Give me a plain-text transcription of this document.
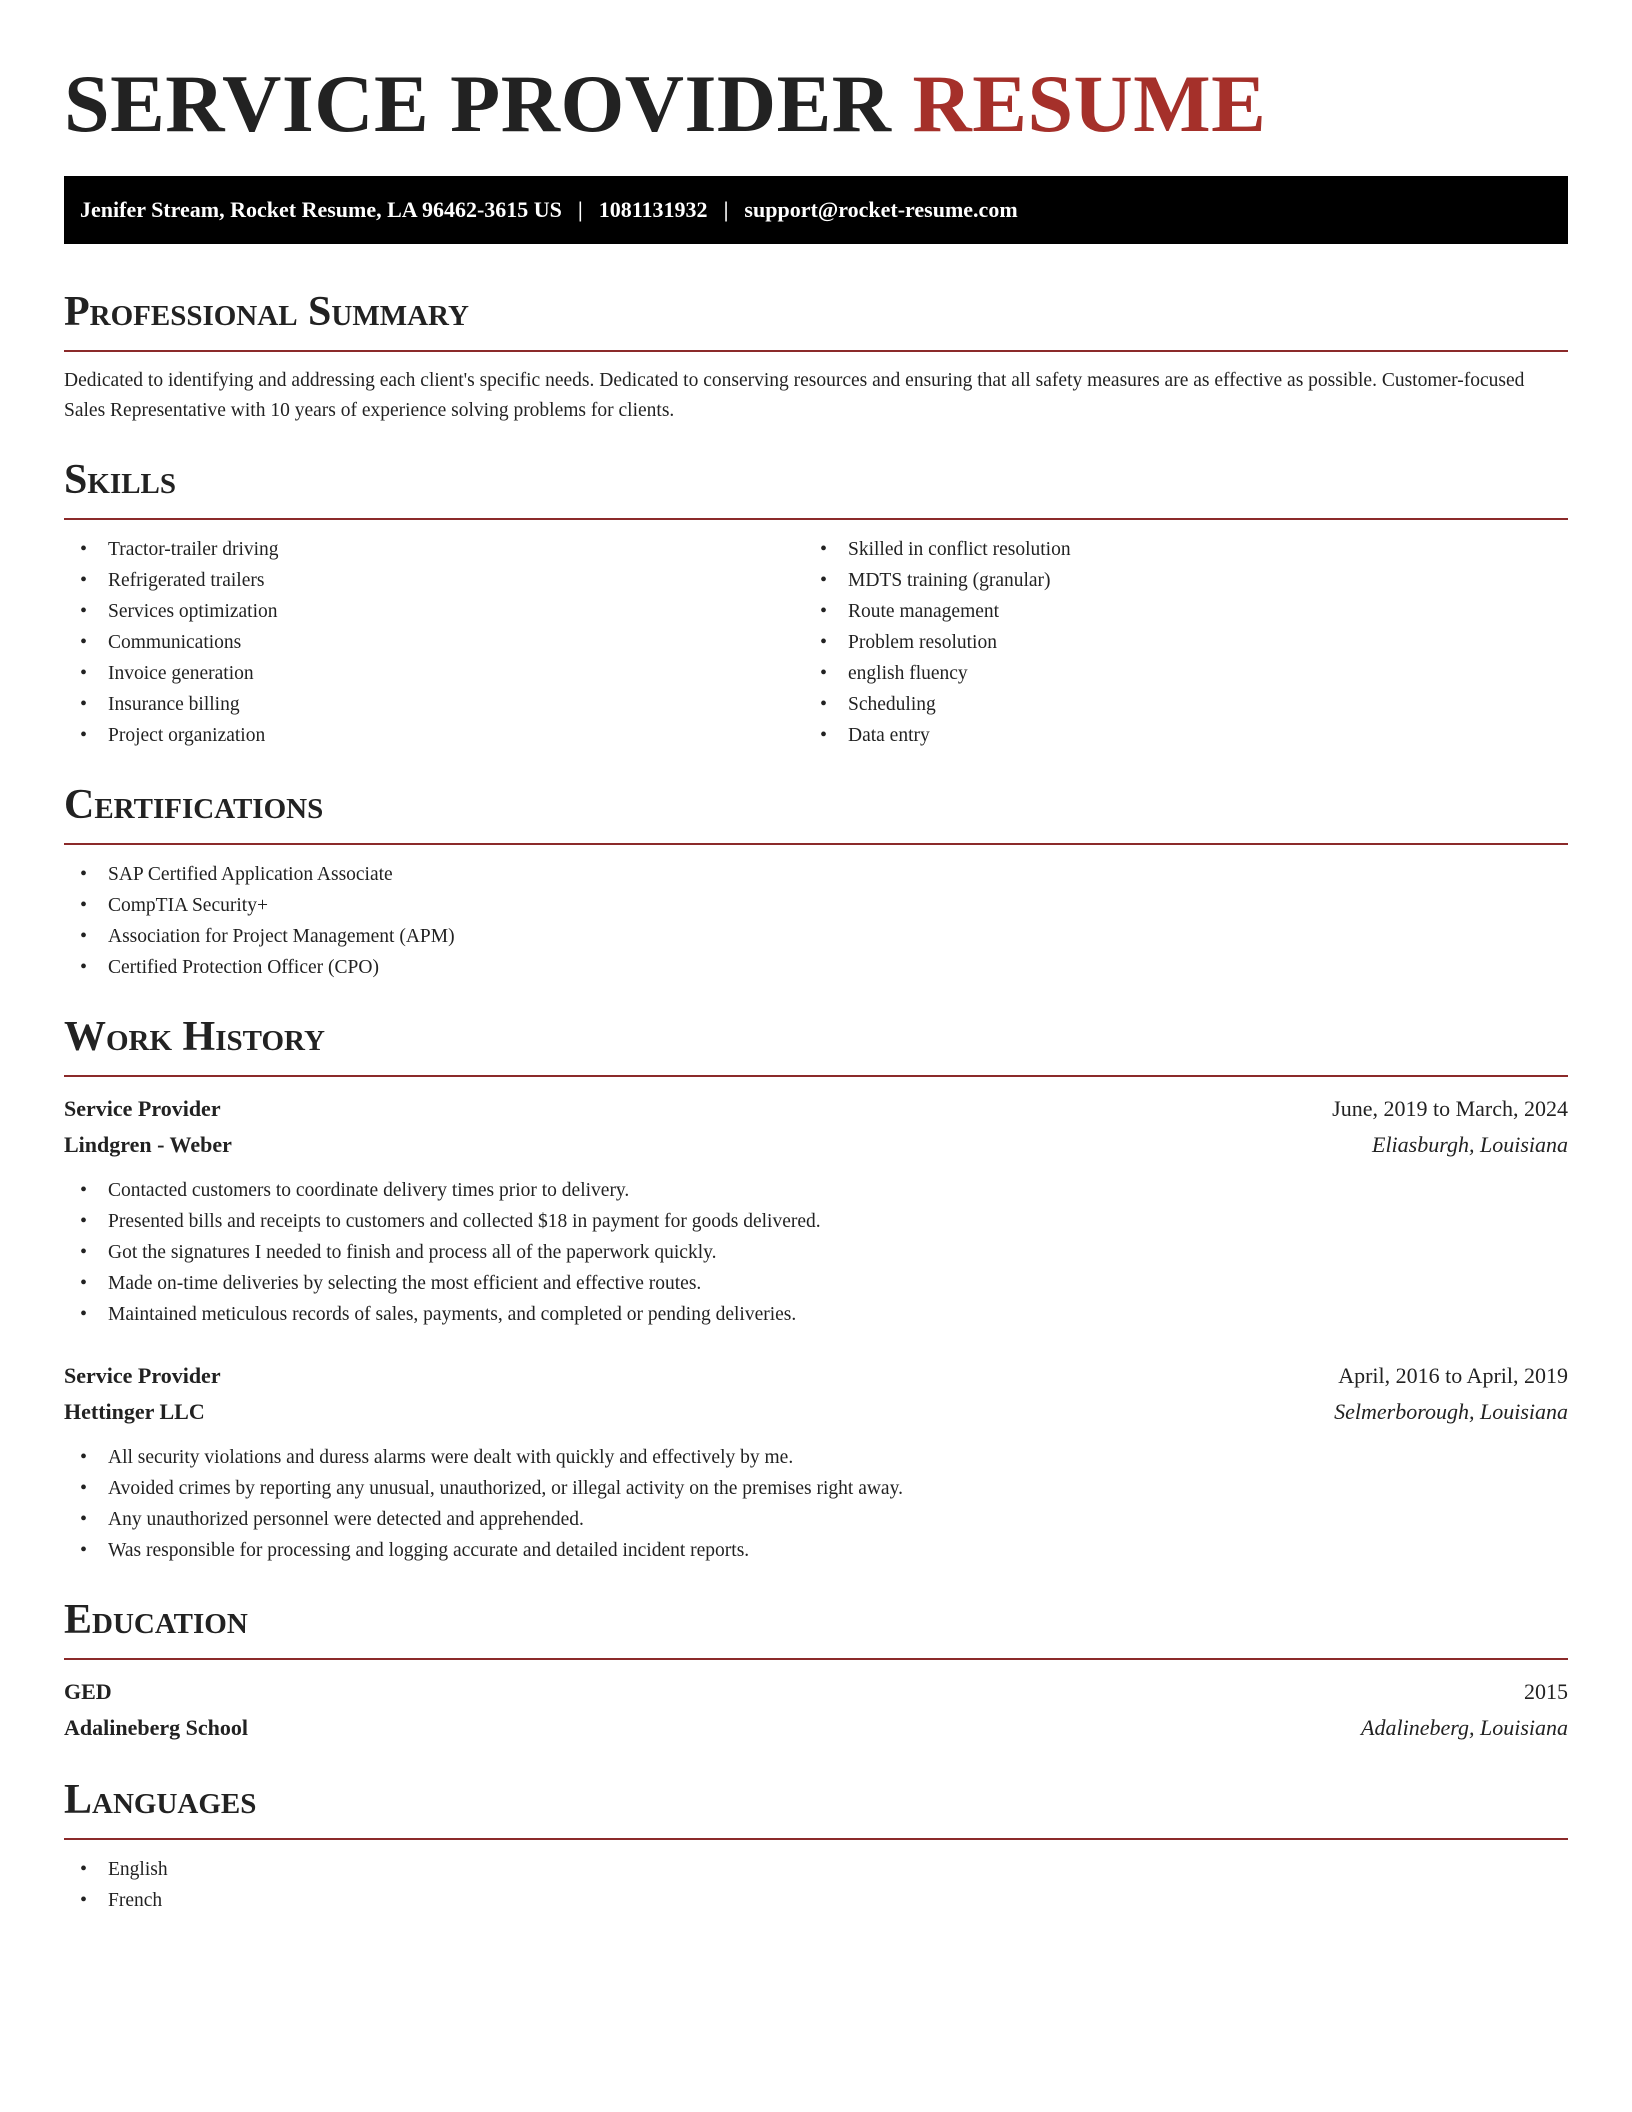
SERVICE PROVIDER RESUME
Jenifer Stream, Rocket Resume, LA 96462-3615 US | 1081131932 | support@rocket-resume.com
Professional Summary

Dedicated to identifying and addressing each client's specific needs. Dedicated to conserving resources and ensuring that all safety measures are as effective as possible. Customer-focused Sales Representative with 10 years of experience solving problems for clients.

Skills
• Tractor-trailer driving
• Refrigerated trailers
• Services optimization
• Communications
• Invoice generation
• Insurance billing
• Project organization
• Skilled in conflict resolution
• MDTS training (granular)
• Route management
• Problem resolution
• english fluency
• Scheduling
• Data entry
Certifications
• SAP Certified Application Associate
• CompTIA Security+
• Association for Project Management (APM)
• Certified Protection Officer (CPO)
Work History
Service Provider	June, 2019 to March, 2024
Lindgren - Weber	Eliasburgh, Louisiana
• Contacted customers to coordinate delivery times prior to delivery.
• Presented bills and receipts to customers and collected $18 in payment for goods delivered.
• Got the signatures I needed to finish and process all of the paperwork quickly.
• Made on-time deliveries by selecting the most efficient and effective routes.
• Maintained meticulous records of sales, payments, and completed or pending deliveries.
Service Provider	April, 2016 to April, 2019
Hettinger LLC	Selmerborough, Louisiana
• All security violations and duress alarms were dealt with quickly and effectively by me.
• Avoided crimes by reporting any unusual, unauthorized, or illegal activity on the premises right away.
• Any unauthorized personnel were detected and apprehended.
• Was responsible for processing and logging accurate and detailed incident reports.
Education
GED	2015
Adalineberg School	Adalineberg, Louisiana
Languages
• English
• French
